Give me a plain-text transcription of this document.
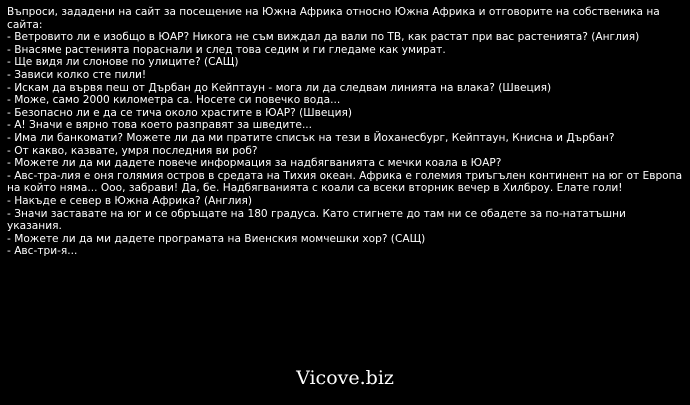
Въпроси, зададени на сайт за посещение на Южна Африка относно Южна Африка и отговорите на собственика на сайта:

- Ветровито ли е изобщо в ЮАР? Никога не съм виждал да вали по ТВ, как растат при вас растенията? (Англия)

- Внасяме растенията пораснали и след това седим и ги гледаме как умират.

- Ще видя ли слонове по улиците? (САЩ)

- Зависи колко сте пили!

- Искам да вървя пеш от Дърбан до Кейптаун - мога ли да следвам линията на влака? (Швеция)

- Може, само 2000 километра са. Носете си повечко вода...

- Безопасно ли е да се тича около храстите в ЮАР? (Швеция)

- А! Значи е вярно това което разправят за шведите...

- Има ли банкомати? Можете ли да ми пратите списък на тези в Йоханесбург, Кейптаун, Книсна и Дърбан?

- От какво, казвате, умря последния ви роб?

- Можете ли да ми дадете повече информация за надбягванията с мечки коала в ЮАР?

- Авс-тра-лия е оня голямия остров в средата на Тихия океан. Африка е големия триъгълен континент на юг от Европа на който няма... Ооо, забрави! Да, бе. Надбягванията с коали са всеки вторник вечер в Хилброу. Елате голи!

- Накъде е север в Южна Африка? (Англия)

- Значи заставате на юг и се обръщате на 180 градуса. Като стигнете до там ни се обадете за по-нататъшни указания.

- Можете ли да ми дадете програмата на Виенския момчешки хор? (САЩ)

- Авс-три-я...

Vicove.biz
